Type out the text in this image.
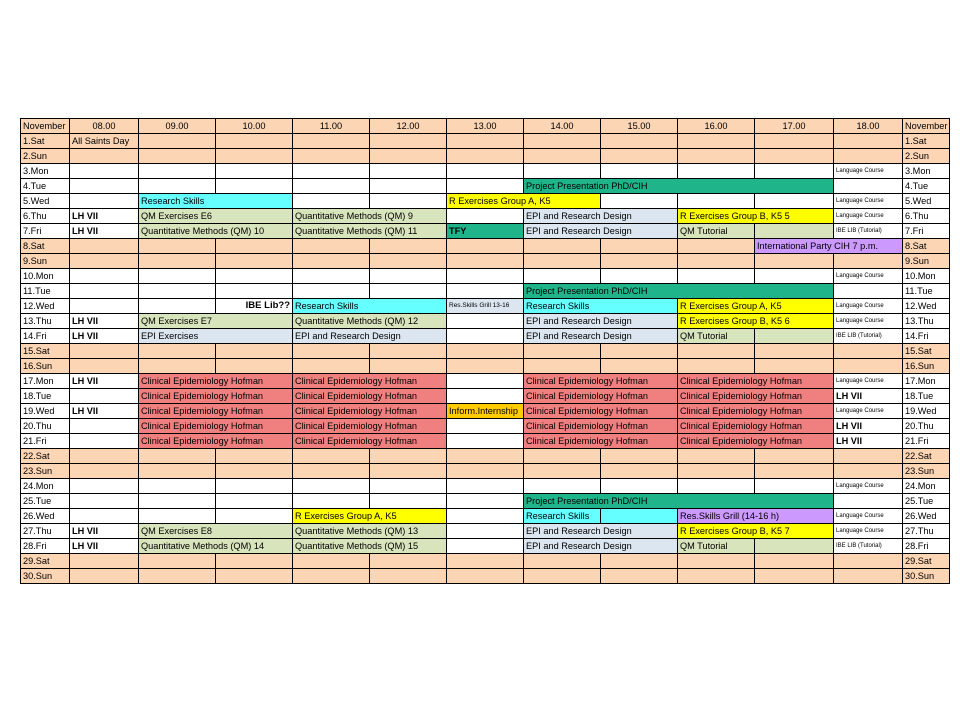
November	08.00	09.00	10.00	11.00	12.00	13.00	14.00	15.00	16.00	17.00	18.00	November
1.Sat	All Saints Day											1.Sat
2.Sun												2.Sun
3.Mon											Language Course	3.Mon
4.Tue							Project Presentation PhD/CIH					4.Tue
5.Wed		Research Skills				R Exercises Group A, K5					Language Course	5.Wed
6.Thu	LH VII	QM Exercises E6		Quantitative Methods (QM) 9			EPI and Research Design		R Exercises Group B, K5 5		Language Course	6.Thu
7.Fri	LH VII	Quantitative Methods (QM) 10		Quantitative Methods (QM) 11		TFY	EPI and Research Design		QM Tutorial		IBE LIB (Tutorial)	7.Fri
8.Sat										International Party CIH 7 p.m.		8.Sat
9.Sun												9.Sun
10.Mon											Language Course	10.Mon
11.Tue							Project Presentation PhD/CIH					11.Tue
12.Wed			IBE Lib??	Research Skills		Res.Skills Grill 13-16	Research Skills		R Exercises Group A, K5		Language Course	12.Wed
13.Thu	LH VII	QM Exercises E7		Quantitative Methods (QM) 12			EPI and Research Design		R Exercises Group B, K5 6		Language Course	13.Thu
14.Fri	LH VII	EPI Exercises		EPI and Research Design			EPI and Research Design		QM Tutorial		IBE LIB (Tutorial)	14.Fri
15.Sat												15.Sat
16.Sun												16.Sun
17.Mon	LH VII	Clinical Epidemiology Hofman		Clinical Epidemiology Hofman			Clinical Epidemiology Hofman		Clinical Epidemiology Hofman		Language Course	17.Mon
18.Tue		Clinical Epidemiology Hofman		Clinical Epidemiology Hofman			Clinical Epidemiology Hofman		Clinical Epidemiology Hofman		LH VII	18.Tue
19.Wed	LH VII	Clinical Epidemiology Hofman		Clinical Epidemiology Hofman		Inform.Internship	Clinical Epidemiology Hofman		Clinical Epidemiology Hofman		Language Course	19.Wed
20.Thu		Clinical Epidemiology Hofman		Clinical Epidemiology Hofman			Clinical Epidemiology Hofman		Clinical Epidemiology Hofman		LH VII	20.Thu
21.Fri		Clinical Epidemiology Hofman		Clinical Epidemiology Hofman			Clinical Epidemiology Hofman		Clinical Epidemiology Hofman		LH VII	21.Fri
22.Sat												22.Sat
23.Sun												23.Sun
24.Mon											Language Course	24.Mon
25.Tue							Project Presentation PhD/CIH					25.Tue
26.Wed				R Exercises Group A, K5			Research Skills		Res.Skills Grill (14-16 h)		Language Course	26.Wed
27.Thu	LH VII	QM Exercises E8		Quantitative Methods (QM) 13			EPI and Research Design		R Exercises Group B, K5 7		Language Course	27.Thu
28.Fri	LH VII	Quantitative Methods (QM) 14		Quantitative Methods (QM) 15			EPI and Research Design		QM Tutorial		IBE LIB (Tutorial)	28.Fri
29.Sat												29.Sat
30.Sun												30.Sun
